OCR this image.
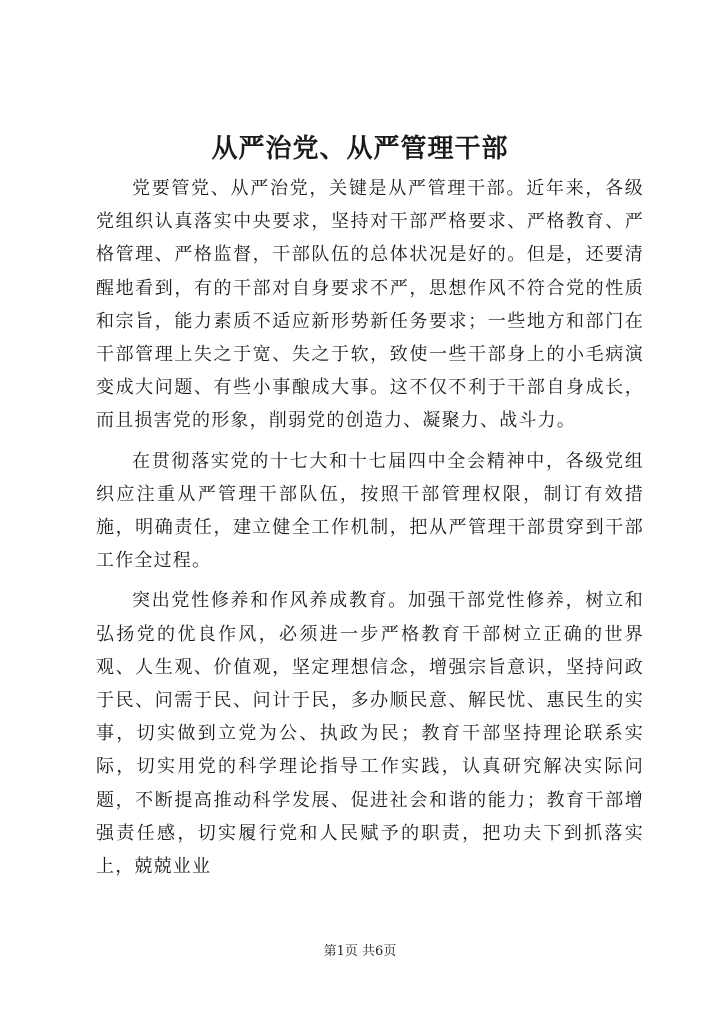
从严治党、从严管理干部

党要管党、从严治党，关键是从严管理干部。近年来，各级党组织认真落实中央要求，坚持对干部严格要求、严格教育、严格管理、严格监督，干部队伍的总体状况是好的。但是，还要清醒地看到，有的干部对自身要求不严，思想作风不符合党的性质和宗旨，能力素质不适应新形势新任务要求；一些地方和部门在干部管理上失之于宽、失之于软，致使一些干部身上的小毛病演变成大问题、有些小事酿成大事。这不仅不利于干部自身成长，而且损害党的形象，削弱党的创造力、凝聚力、战斗力。

在贯彻落实党的十七大和十七届四中全会精神中，各级党组织应注重从严管理干部队伍，按照干部管理权限，制订有效措施，明确责任，建立健全工作机制，把从严管理干部贯穿到干部工作全过程。

突出党性修养和作风养成教育。加强干部党性修养，树立和弘扬党的优良作风，必须进一步严格教育干部树立正确的世界观、人生观、价值观，坚定理想信念，增强宗旨意识，坚持问政于民、问需于民、问计于民，多办顺民意、解民忧、惠民生的实事，切实做到立党为公、执政为民；教育干部坚持理论联系实际，切实用党的科学理论指导工作实践，认真研究解决实际问题，不断提高推动科学发展、促进社会和谐的能力；教育干部增强责任感，切实履行党和人民赋予的职责，把功夫下到抓落实上，兢兢业业

第1页 共6页
